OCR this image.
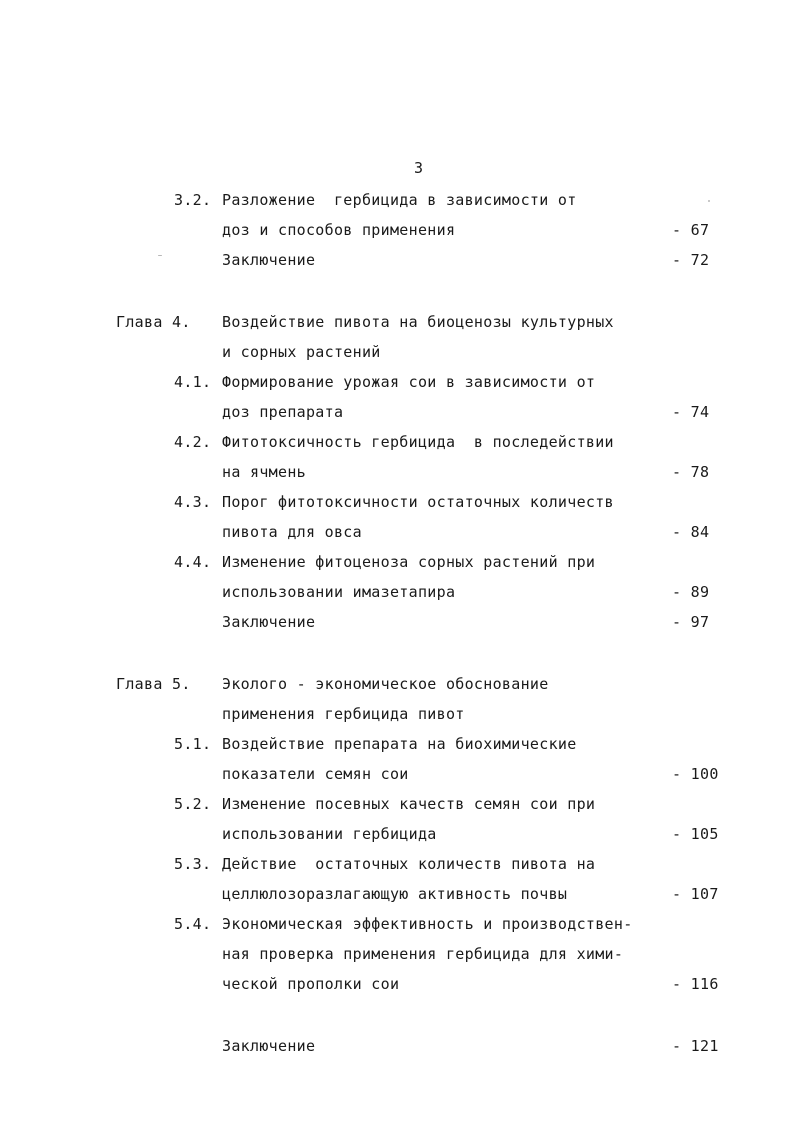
3
3.2. Разложение  гербицида в зависимости от
доз и способов применения	- 67
Заключение	- 72
Глава 4. Воздействие пивота на биоценозы культурных
и сорных растений
4.1. Формирование урожая сои в зависимости от
доз препарата	- 74
4.2. Фитотоксичность гербицида  в последействии
на ячмень	- 78
4.3. Порог фитотоксичности остаточных количеств
пивота для овса	- 84
4.4. Изменение фитоценоза сорных растений при
использовании имазетапира	- 89
Заключение	- 97
Глава 5. Эколого - экономическое обоснование
применения гербицида пивот
5.1. Воздействие препарата на биохимические
показатели семян сои	- 100
5.2. Изменение посевных качеств семян сои при
использовании гербицида	- 105
5.3. Действие  остаточных количеств пивота на
целлюлозоразлагающую активность почвы	- 107
5.4. Экономическая эффективность и производствен-
ная проверка применения гербицида для хими-
ческой прополки сои	- 116
Заключение	- 121
